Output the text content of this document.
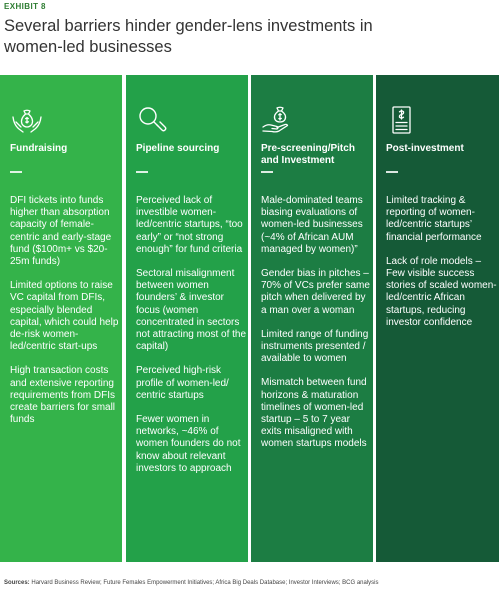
EXHIBIT 8
Several barriers hinder gender-lens investments in women-led businesses
Fundraising

DFI tickets into funds higher than absorption capacity of female-centric and early-stage fund ($100m+ vs $20-25m funds)

Limited options to raise VC capital from DFIs, especially blended capital, which could help de-risk women-led/centric start-ups

High transaction costs and extensive reporting requirements from DFIs create barriers for small funds

Pipeline sourcing

Perceived lack of investible women-led/centric startups, “too early” or “not strong enough” for fund criteria

Sectoral misalignment between women founders’ & investor focus (women concentrated in sectors not attracting most of the capital)

Perceived high-risk profile of women-led/ centric startups

Fewer women in networks, ~46% of women founders do not know about relevant investors to approach

Pre-screening/Pitch and Investment

Male-dominated teams biasing evaluations of women-led businesses (~4% of African AUM managed by women)”

Gender bias in pitches – 70% of VCs prefer same pitch when delivered by a man over a woman

Limited range of funding instruments presented / available to women

Mismatch between fund horizons & maturation timelines of women-led startup – 5 to 7 year exits misaligned with women startups models

Post-investment

Limited tracking & reporting of women-led/centric startups’ financial performance

Lack of role models – Few visible success stories of scaled women-led/centric African startups, reducing investor confidence

Sources: Harvard Business Review; Future Females Empowerment Initiatives; Africa Big Deals Database; Investor Interviews; BCG analysis
